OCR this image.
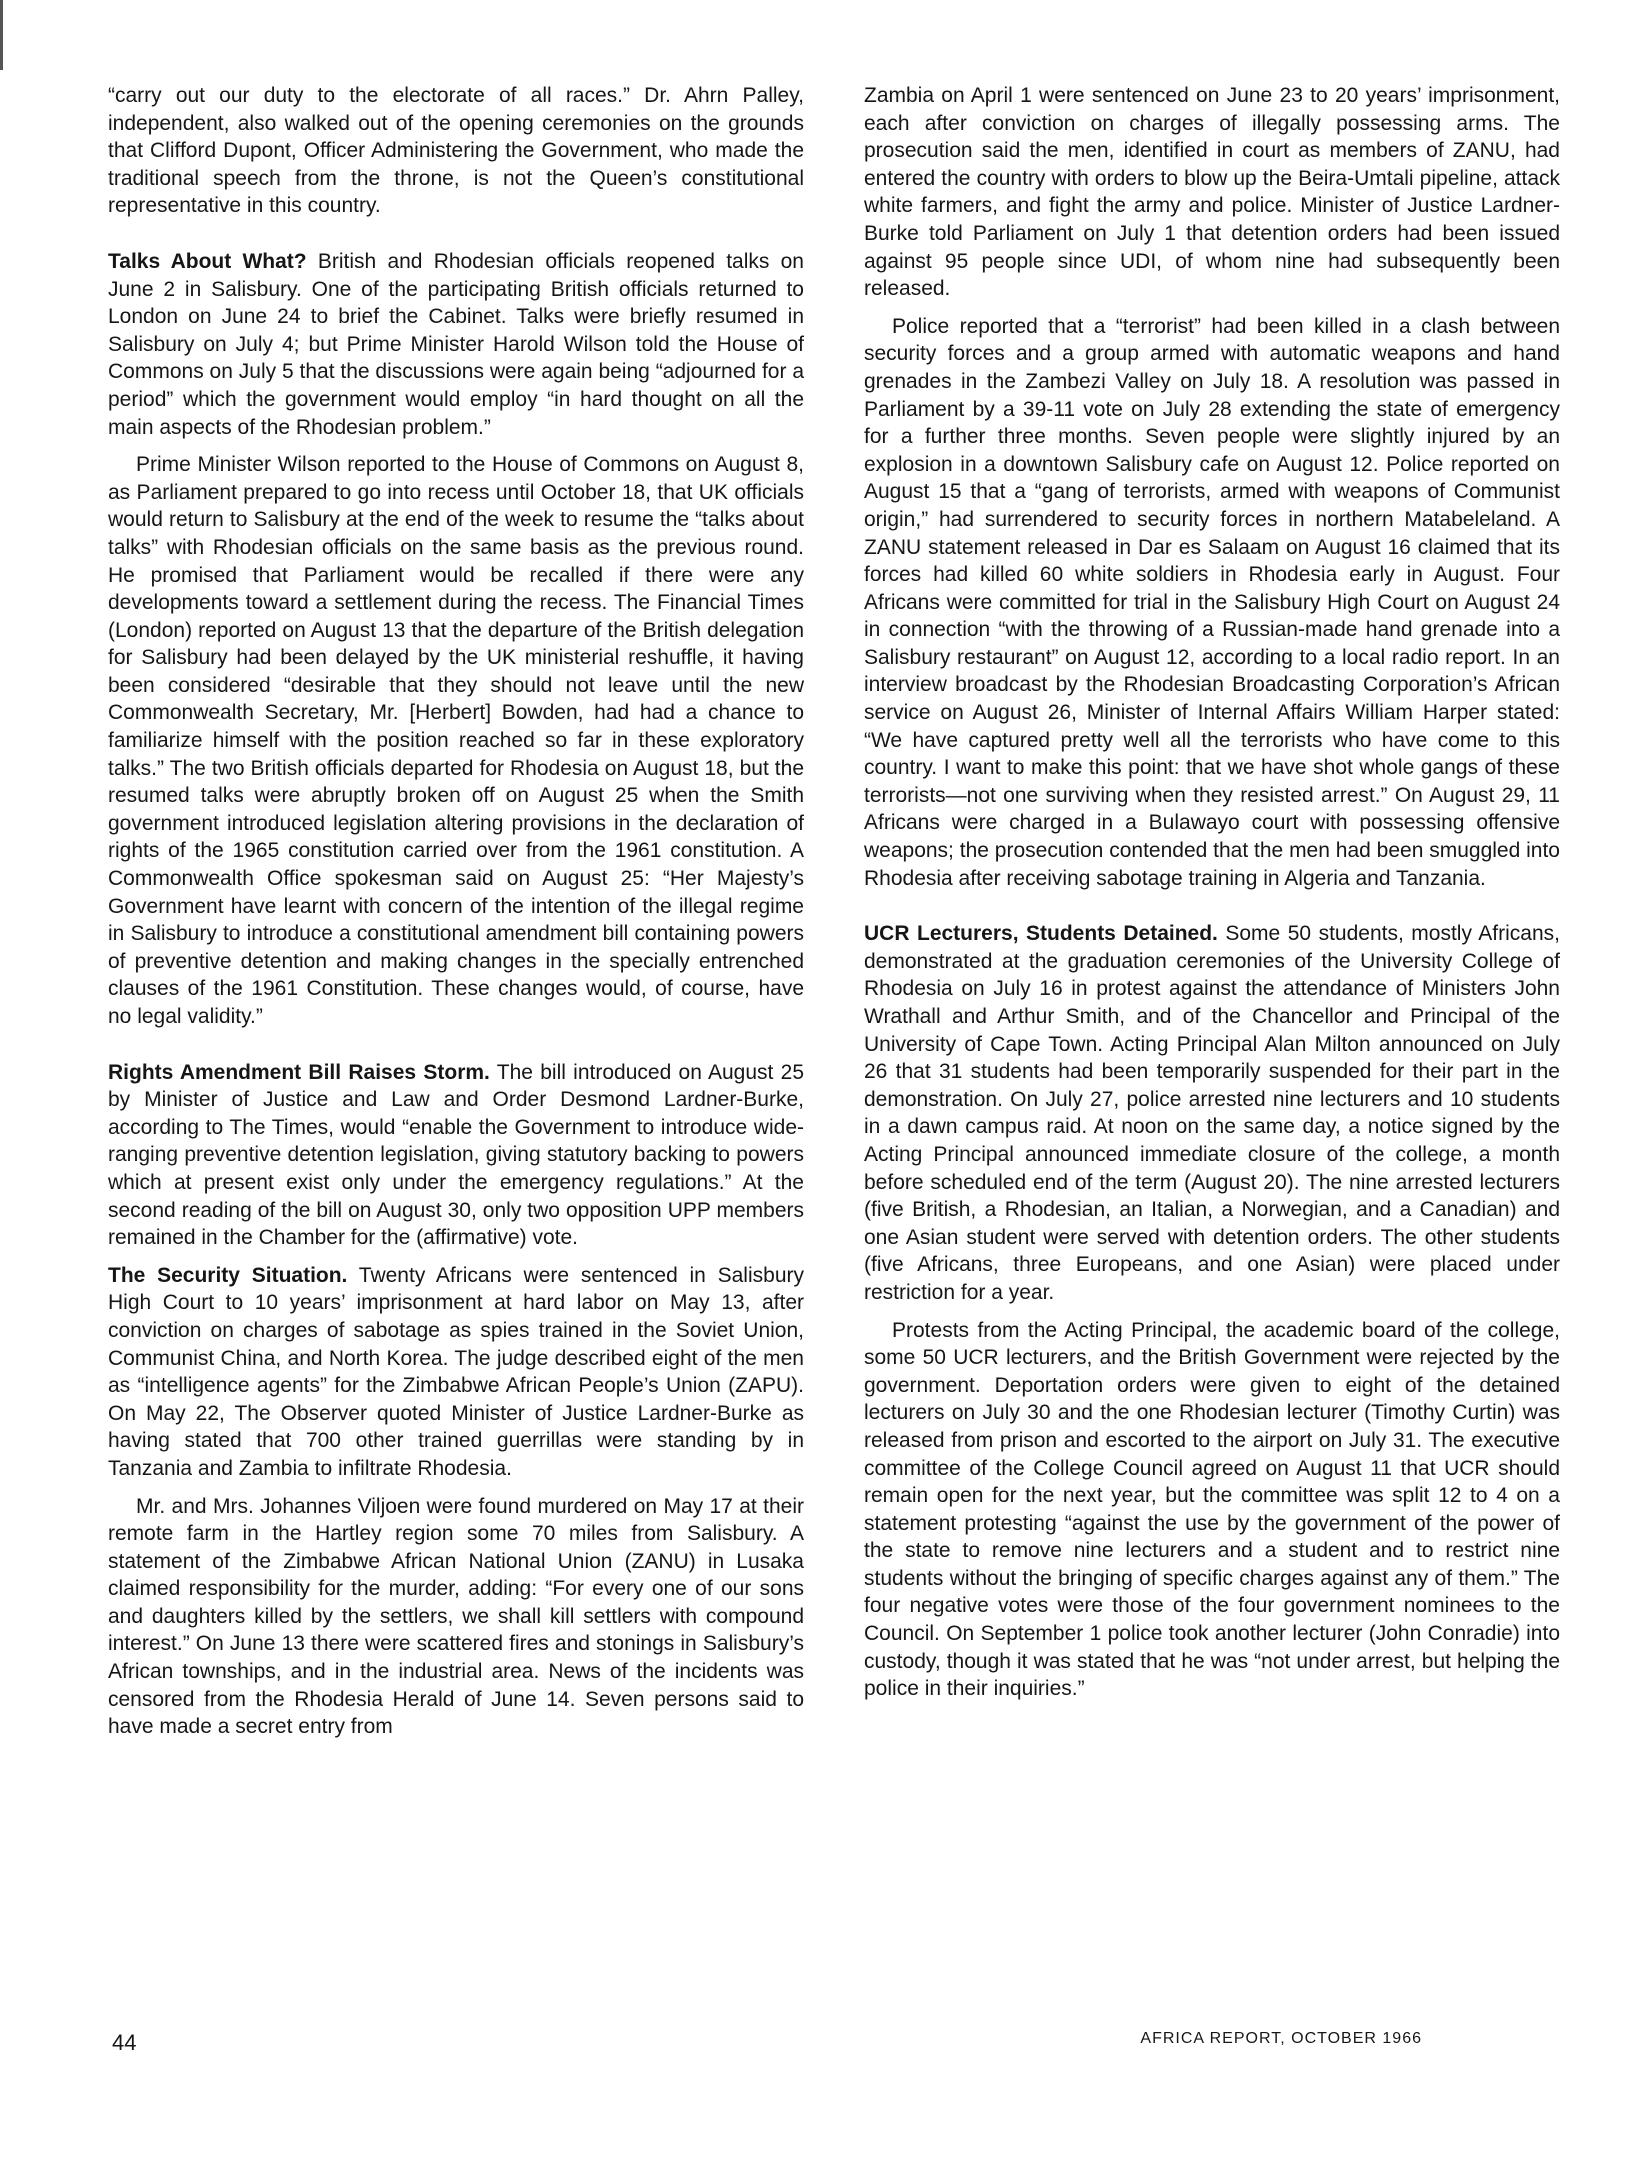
“carry out our duty to the electorate of all races.” Dr. Ahrn Palley, independent, also walked out of the opening ceremonies on the grounds that Clifford Dupont, Officer Administering the Government, who made the traditional speech from the throne, is not the Queen’s constitutional representative in this country.

Talks About What? British and Rhodesian officials reopened talks on June 2 in Salisbury. One of the participating British officials returned to London on June 24 to brief the Cabinet. Talks were briefly resumed in Salisbury on July 4; but Prime Minister Harold Wilson told the House of Commons on July 5 that the discussions were again being “adjourned for a period” which the government would employ “in hard thought on all the main aspects of the Rhodesian problem.”

Prime Minister Wilson reported to the House of Commons on August 8, as Parliament prepared to go into recess until October 18, that UK officials would return to Salisbury at the end of the week to resume the “talks about talks” with Rhodesian officials on the same basis as the previous round. He promised that Parliament would be recalled if there were any developments toward a settlement during the recess. The Financial Times (London) reported on August 13 that the departure of the British delegation for Salisbury had been delayed by the UK ministerial reshuffle, it having been considered “desirable that they should not leave until the new Commonwealth Secretary, Mr. [Herbert] Bowden, had had a chance to familiarize himself with the position reached so far in these exploratory talks.” The two British officials departed for Rhodesia on August 18, but the resumed talks were abruptly broken off on August 25 when the Smith government introduced legislation altering provisions in the declaration of rights of the 1965 constitution carried over from the 1961 constitution. A Commonwealth Office spokesman said on August 25: “Her Majesty’s Government have learnt with concern of the intention of the illegal regime in Salisbury to introduce a constitutional amendment bill containing powers of preventive detention and making changes in the specially entrenched clauses of the 1961 Constitution. These changes would, of course, have no legal validity.”

Rights Amendment Bill Raises Storm. The bill introduced on August 25 by Minister of Justice and Law and Order Desmond Lardner-Burke, according to The Times, would “enable the Government to introduce wide-ranging preventive detention legislation, giving statutory backing to powers which at present exist only under the emergency regulations.” At the second reading of the bill on August 30, only two opposition UPP members remained in the Chamber for the (affirmative) vote.

The Security Situation. Twenty Africans were sentenced in Salisbury High Court to 10 years’ imprisonment at hard labor on May 13, after conviction on charges of sabotage as spies trained in the Soviet Union, Communist China, and North Korea. The judge described eight of the men as “intelligence agents” for the Zimbabwe African People’s Union (ZAPU). On May 22, The Observer quoted Minister of Justice Lardner-Burke as having stated that 700 other trained guerrillas were standing by in Tanzania and Zambia to infiltrate Rhodesia.

Mr. and Mrs. Johannes Viljoen were found murdered on May 17 at their remote farm in the Hartley region some 70 miles from Salisbury. A statement of the Zimbabwe African National Union (ZANU) in Lusaka claimed responsibility for the murder, adding: “For every one of our sons and daughters killed by the settlers, we shall kill settlers with compound interest.” On June 13 there were scattered fires and stonings in Salisbury’s African townships, and in the industrial area. News of the incidents was censored from the Rhodesia Herald of June 14. Seven persons said to have made a secret entry from

Zambia on April 1 were sentenced on June 23 to 20 years’ imprisonment, each after conviction on charges of illegally possessing arms. The prosecution said the men, identified in court as members of ZANU, had entered the country with orders to blow up the Beira-Umtali pipeline, attack white farmers, and fight the army and police. Minister of Justice Lardner-Burke told Parliament on July 1 that detention orders had been issued against 95 people since UDI, of whom nine had subsequently been released.

Police reported that a “terrorist” had been killed in a clash between security forces and a group armed with automatic weapons and hand grenades in the Zambezi Valley on July 18. A resolution was passed in Parliament by a 39-11 vote on July 28 extending the state of emergency for a further three months. Seven people were slightly injured by an explosion in a downtown Salisbury cafe on August 12. Police reported on August 15 that a “gang of terrorists, armed with weapons of Communist origin,” had surrendered to security forces in northern Matabeleland. A ZANU statement released in Dar es Salaam on August 16 claimed that its forces had killed 60 white soldiers in Rhodesia early in August. Four Africans were committed for trial in the Salisbury High Court on August 24 in connection “with the throwing of a Russian-made hand grenade into a Salisbury restaurant” on August 12, according to a local radio report. In an interview broadcast by the Rhodesian Broadcasting Corporation’s African service on August 26, Minister of Internal Affairs William Harper stated: “We have captured pretty well all the terrorists who have come to this country. I want to make this point: that we have shot whole gangs of these terrorists—not one surviving when they resisted arrest.” On August 29, 11 Africans were charged in a Bulawayo court with possessing offensive weapons; the prosecution contended that the men had been smuggled into Rhodesia after receiving sabotage training in Algeria and Tanzania.

UCR Lecturers, Students Detained. Some 50 students, mostly Africans, demonstrated at the graduation ceremonies of the University College of Rhodesia on July 16 in protest against the attendance of Ministers John Wrathall and Arthur Smith, and of the Chancellor and Principal of the University of Cape Town. Acting Principal Alan Milton announced on July 26 that 31 students had been temporarily suspended for their part in the demonstration. On July 27, police arrested nine lecturers and 10 students in a dawn campus raid. At noon on the same day, a notice signed by the Acting Principal announced immediate closure of the college, a month before scheduled end of the term (August 20). The nine arrested lecturers (five British, a Rhodesian, an Italian, a Norwegian, and a Canadian) and one Asian student were served with detention orders. The other students (five Africans, three Europeans, and one Asian) were placed under restriction for a year.

Protests from the Acting Principal, the academic board of the college, some 50 UCR lecturers, and the British Government were rejected by the government. Deportation orders were given to eight of the detained lecturers on July 30 and the one Rhodesian lecturer (Timothy Curtin) was released from prison and escorted to the airport on July 31. The executive committee of the College Council agreed on August 11 that UCR should remain open for the next year, but the committee was split 12 to 4 on a statement protesting “against the use by the government of the power of the state to remove nine lecturers and a student and to restrict nine students without the bringing of specific charges against any of them.” The four negative votes were those of the four government nominees to the Council. On September 1 police took another lecturer (John Conradie) into custody, though it was stated that he was “not under arrest, but helping the police in their inquiries.”

44	AFRICA REPORT, OCTOBER 1966
